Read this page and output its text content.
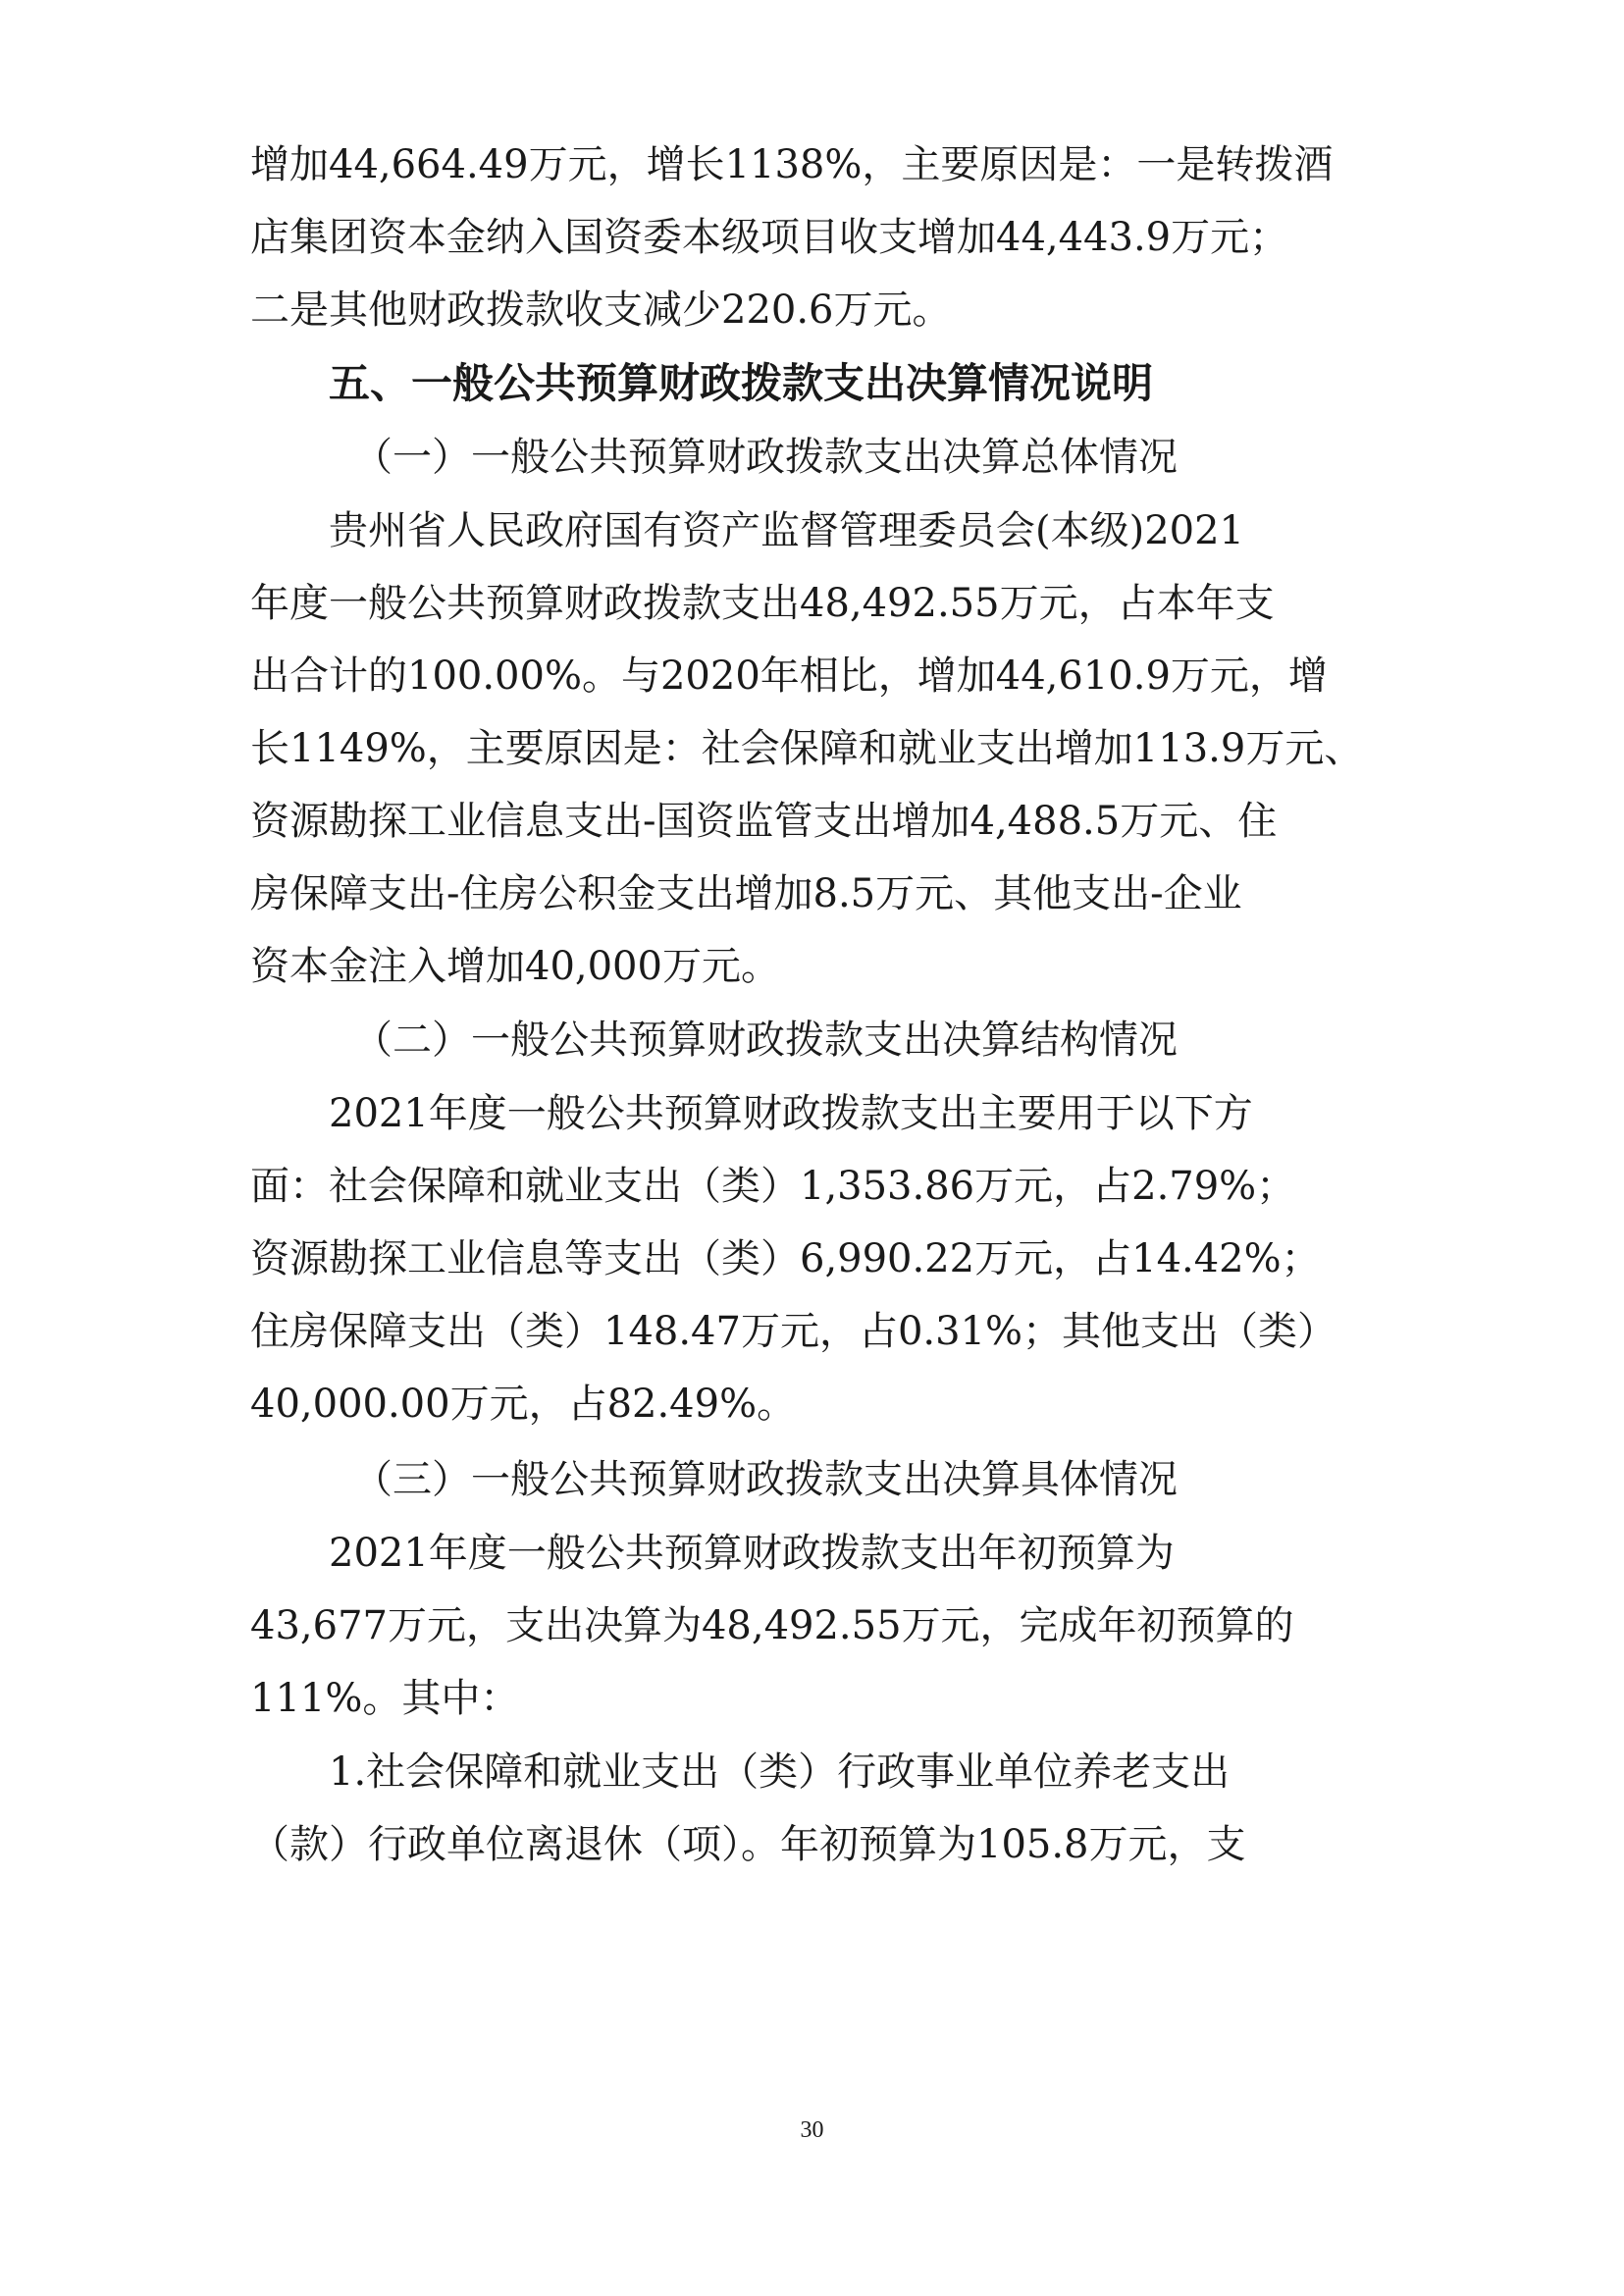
增加44,664.49万元，增长1138%，主要原因是：一是转拨酒
店集团资本金纳入国资委本级项目收支增加44,443.9万元；
二是其他财政拨款收支减少220.6万元。
五、一般公共预算财政拨款支出决算情况说明
（一）一般公共预算财政拨款支出决算总体情况
贵州省人民政府国有资产监督管理委员会(本级)2021
年度一般公共预算财政拨款支出48,492.55万元，占本年支
出合计的100.00%。与2020年相比，增加44,610.9万元，增
长1149%，主要原因是：社会保障和就业支出增加113.9万元、
资源勘探工业信息支出-国资监管支出增加4,488.5万元、住
房保障支出-住房公积金支出增加8.5万元、其他支出-企业
资本金注入增加40,000万元。
（二）一般公共预算财政拨款支出决算结构情况
2021年度一般公共预算财政拨款支出主要用于以下方
面：社会保障和就业支出（类）1,353.86万元，占2.79%；
资源勘探工业信息等支出（类）6,990.22万元，占14.42%；
住房保障支出（类）148.47万元，占0.31%；其他支出（类）
40,000.00万元，占82.49%。
（三）一般公共预算财政拨款支出决算具体情况
2021年度一般公共预算财政拨款支出年初预算为
43,677万元，支出决算为48,492.55万元，完成年初预算的
111%。其中：
1.社会保障和就业支出（类）行政事业单位养老支出
（款）行政单位离退休（项）。年初预算为105.8万元，支
30
